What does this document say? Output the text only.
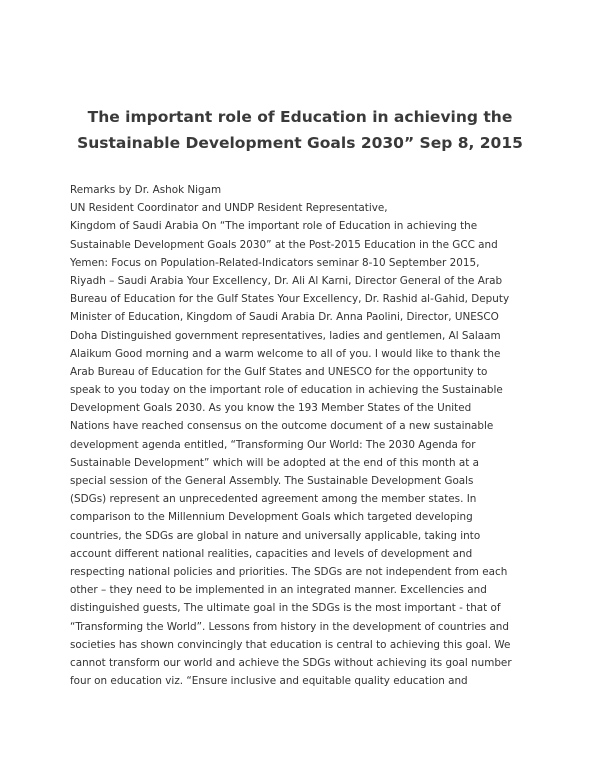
The important role of Education in achieving the
Sustainable Development Goals 2030” Sep 8, 2015
Remarks by Dr. Ashok Nigam
UN Resident Coordinator and UNDP Resident Representative,
Kingdom of Saudi Arabia On “The important role of Education in achieving the
Sustainable Development Goals 2030” at the Post-2015 Education in the GCC and
Yemen: Focus on Population-Related-Indicators seminar 8-10 September 2015,
Riyadh – Saudi Arabia Your Excellency, Dr. Ali Al Karni, Director General of the Arab
Bureau of Education for the Gulf States Your Excellency, Dr. Rashid al-Gahid, Deputy
Minister of Education, Kingdom of Saudi Arabia Dr. Anna Paolini, Director, UNESCO
Doha Distinguished government representatives, ladies and gentlemen, Al Salaam
Alaikum Good morning and a warm welcome to all of you. I would like to thank the
Arab Bureau of Education for the Gulf States and UNESCO for the opportunity to
speak to you today on the important role of education in achieving the Sustainable
Development Goals 2030. As you know the 193 Member States of the United
Nations have reached consensus on the outcome document of a new sustainable
development agenda entitled, “Transforming Our World: The 2030 Agenda for
Sustainable Development” which will be adopted at the end of this month at a
special session of the General Assembly. The Sustainable Development Goals
(SDGs) represent an unprecedented agreement among the member states. In
comparison to the Millennium Development Goals which targeted developing
countries, the SDGs are global in nature and universally applicable, taking into
account different national realities, capacities and levels of development and
respecting national policies and priorities. The SDGs are not independent from each
other – they need to be implemented in an integrated manner. Excellencies and
distinguished guests, The ultimate goal in the SDGs is the most important - that of
“Transforming the World”. Lessons from history in the development of countries and
societies has shown convincingly that education is central to achieving this goal. We
cannot transform our world and achieve the SDGs without achieving its goal number
four on education viz. “Ensure inclusive and equitable quality education and
